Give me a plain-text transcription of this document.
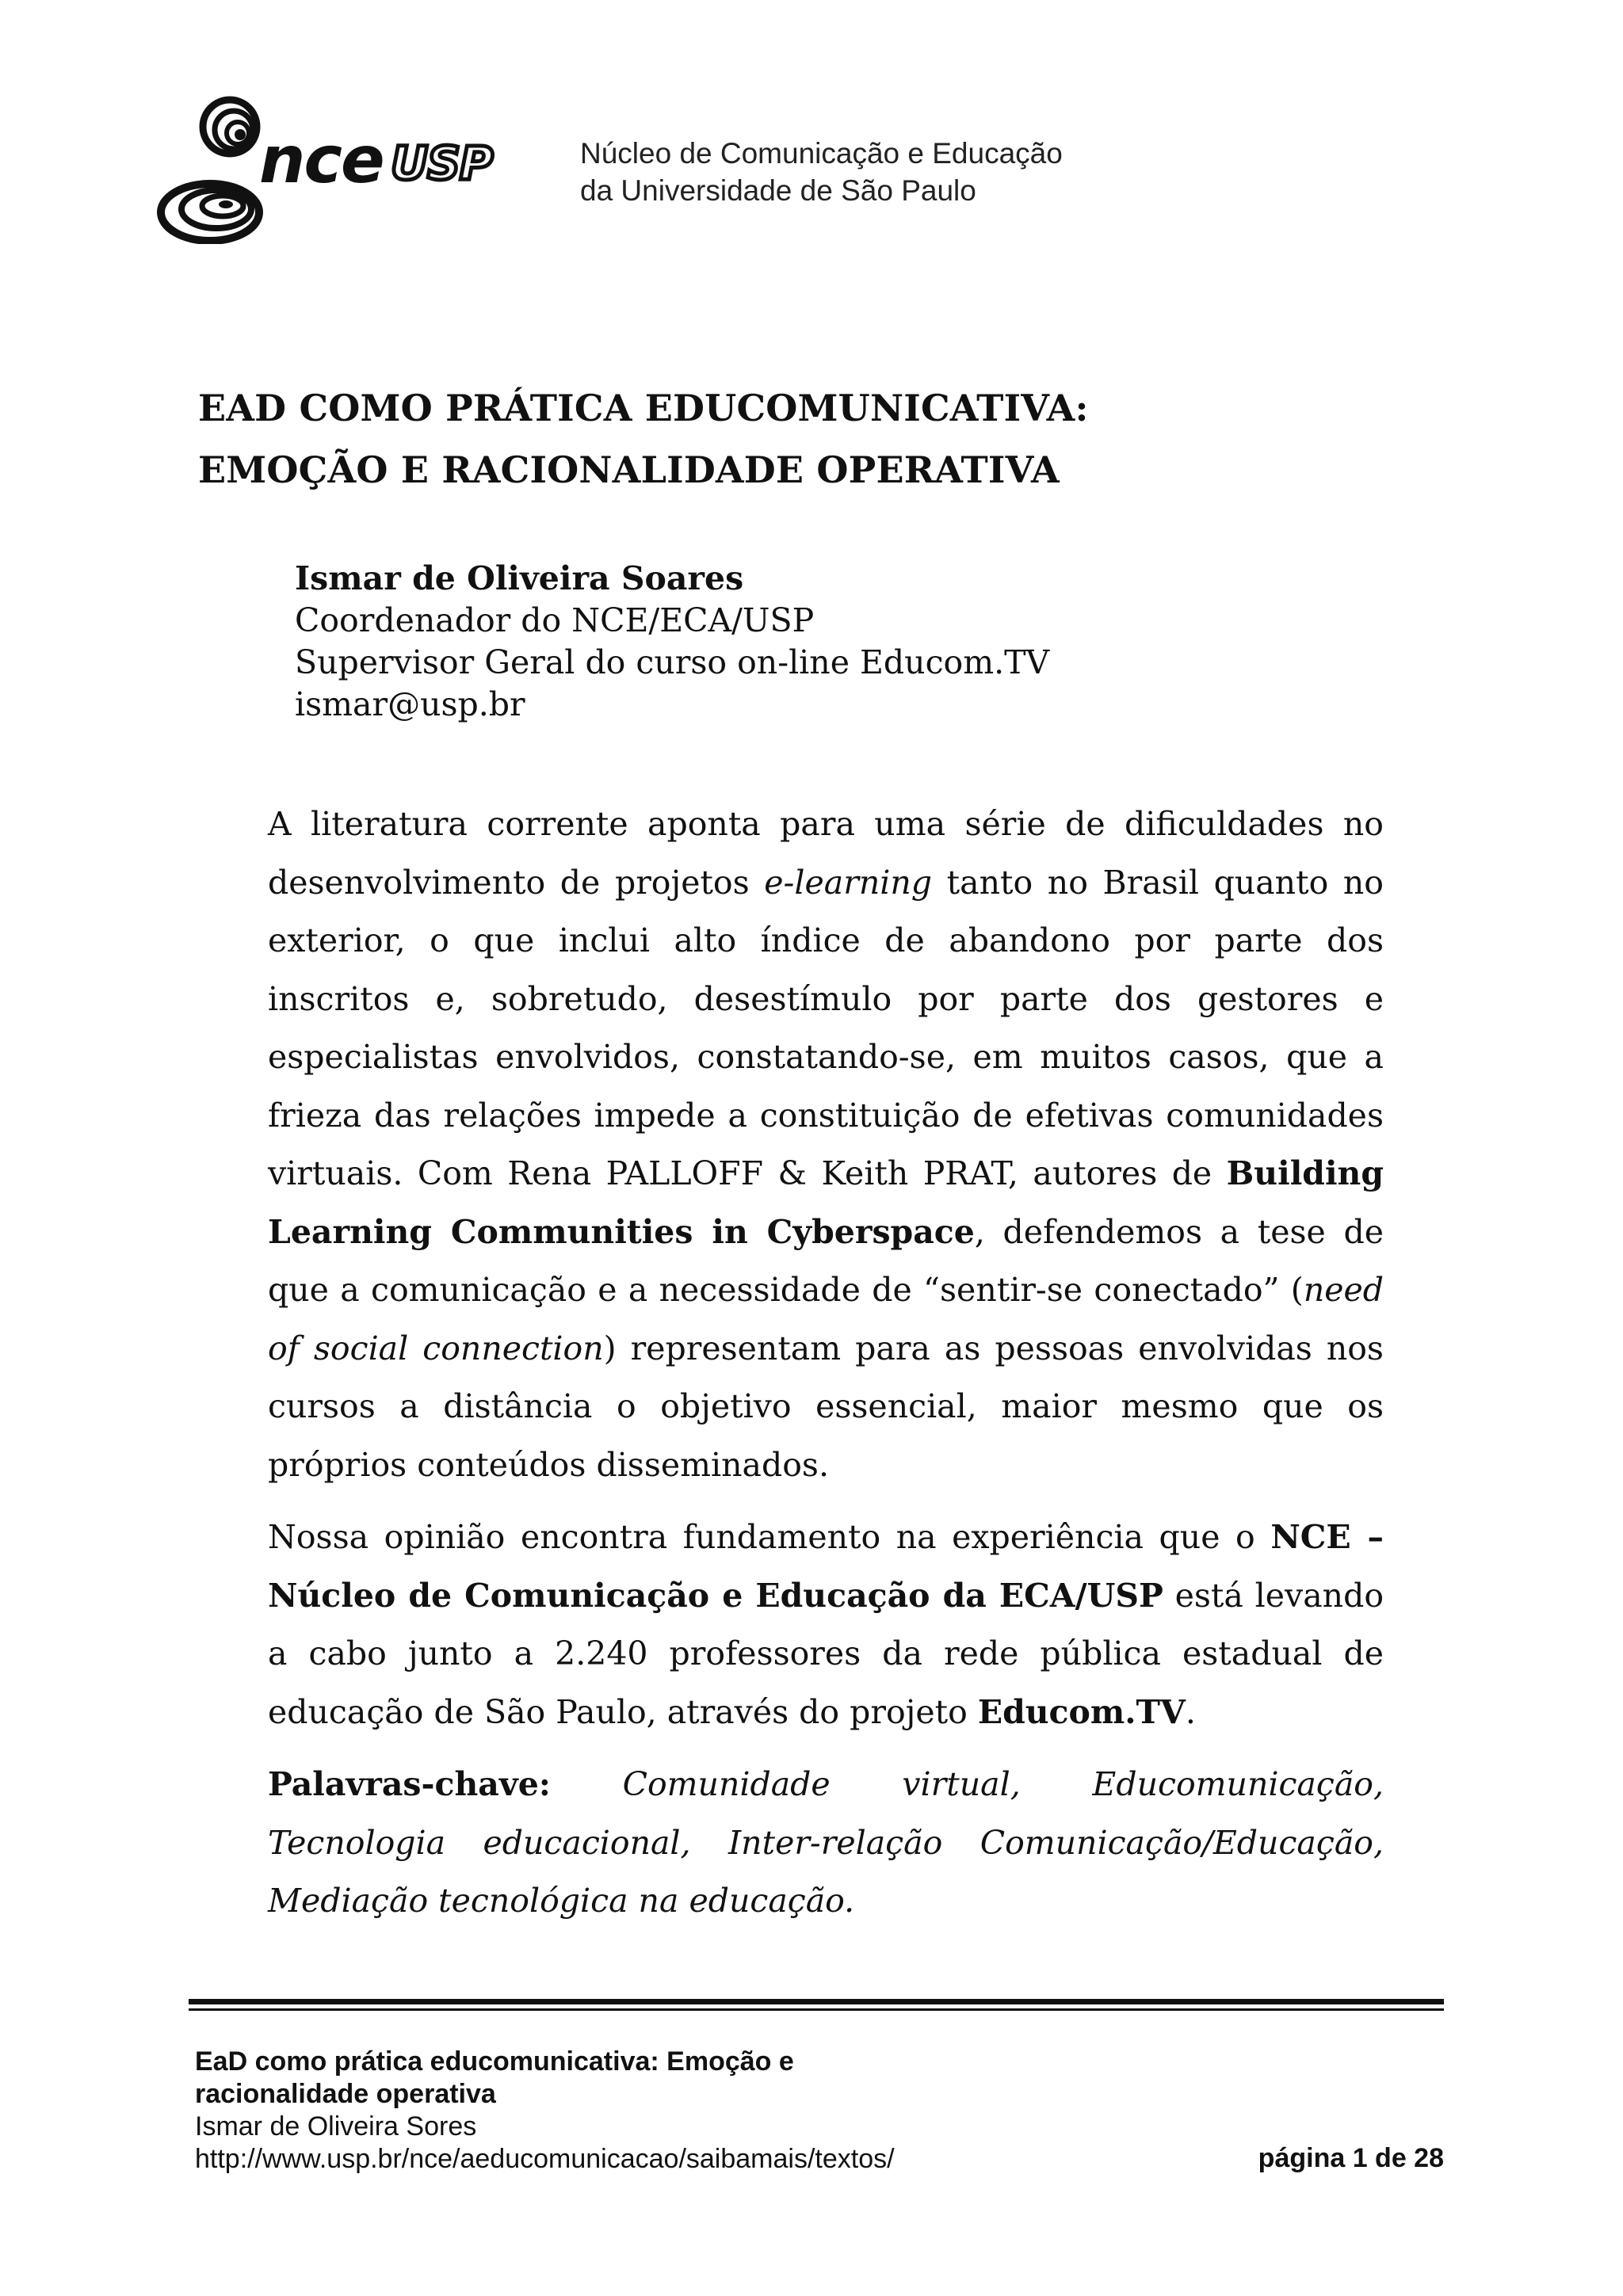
nce USP	Núcleo de Comunicação e Educação
da Universidade de São Paulo
EAD COMO PRÁTICA EDUCOMUNICATIVA:
EMOÇÃO E RACIONALIDADE OPERATIVA
Ismar de Oliveira Soares
Coordenador do NCE/ECA/USP
Supervisor Geral do curso on-line Educom.TV
ismar@usp.br

A literatura corrente aponta para uma série de dificuldades no desenvolvimento de projetos e-learning tanto no Brasil quanto no exterior, o que inclui alto índice de abandono por parte dos inscritos e, sobretudo, desestímulo por parte dos gestores e especialistas envolvidos, constatando-se, em muitos casos, que a frieza das relações impede a constituição de efetivas comunidades virtuais. Com Rena PALLOFF & Keith PRAT, autores de Building Learning Communities in Cyberspace, defendemos a tese de que a comunicação e a necessidade de “sentir-se conectado” (need of social connection) representam para as pessoas envolvidas nos cursos a distância o objetivo essencial, maior mesmo que os próprios conteúdos disseminados.

Nossa opinião encontra fundamento na experiência que o NCE – Núcleo de Comunicação e Educação da ECA/USP está levando a cabo junto a 2.240 professores da rede pública estadual de educação de São Paulo, através do projeto Educom.TV.

Palavras-chave: Comunidade virtual, Educomunicação, Tecnologia educacional, Inter-relação Comunicação/Educação, Mediação tecnológica na educação.

EaD como prática educomunicativa: Emoção e
racionalidade operativa
Ismar de Oliveira Sores
http://www.usp.br/nce/aeducomunicacao/saibamais/textos/	página 1 de 28
